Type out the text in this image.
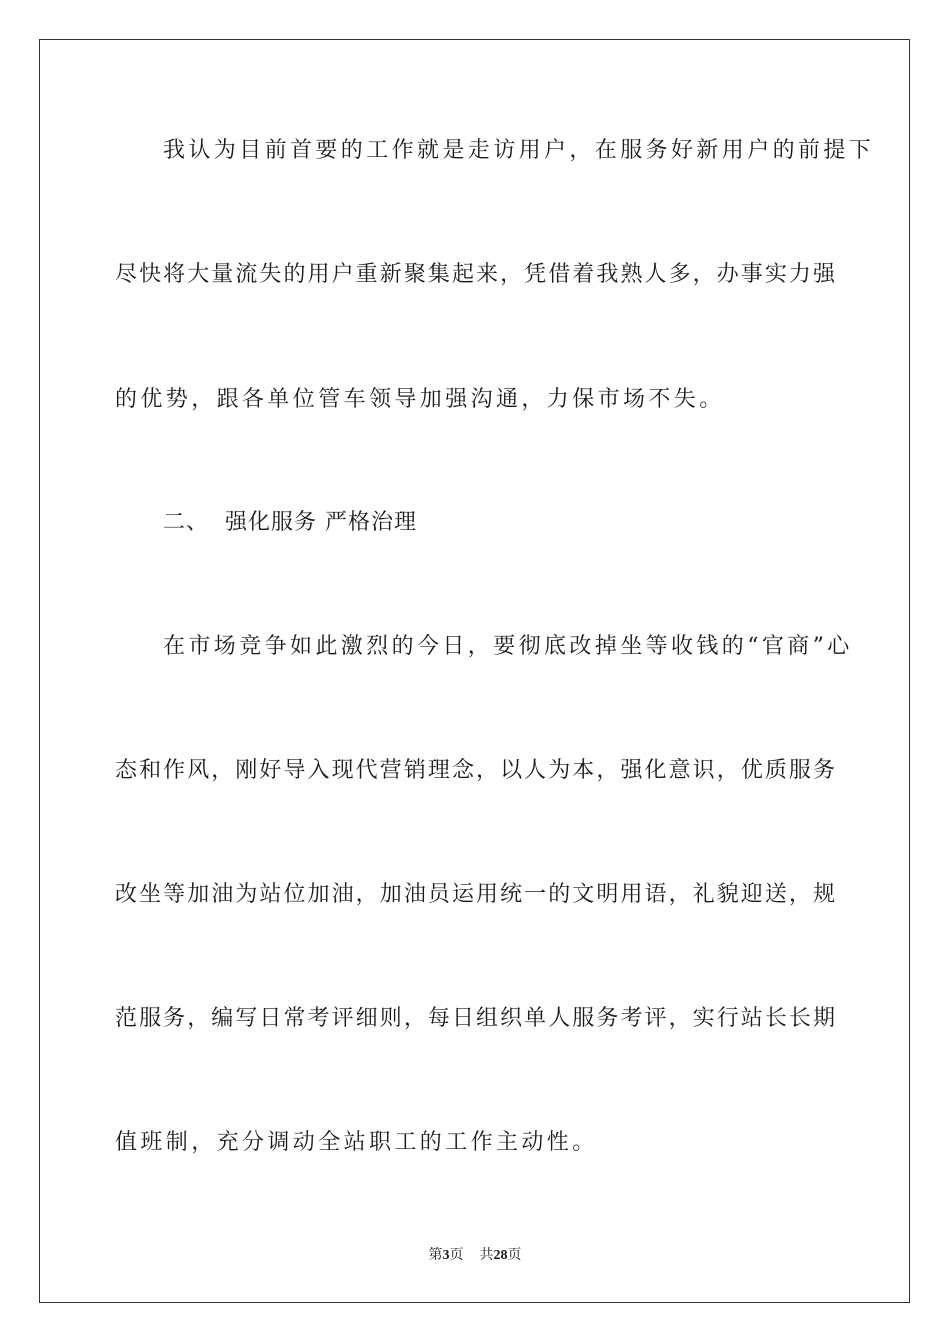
我认为目前首要的工作就是走访用户，在服务好新用户的前提下
尽快将大量流失的用户重新聚集起来，凭借着我熟人多，办事实力强
的优势，跟各单位管车领导加强沟通，力保市场不失。
二、 强化服务 严格治理
在市场竞争如此激烈的今日，要彻底改掉坐等收钱的“官商”心
态和作风，刚好导入现代营销理念，以人为本，强化意识，优质服务
改坐等加油为站位加油，加油员运用统一的文明用语，礼貌迎送，规
范服务，编写日常考评细则，每日组织单人服务考评，实行站长长期
值班制，充分调动全站职工的工作主动性。
第3页 共28页
